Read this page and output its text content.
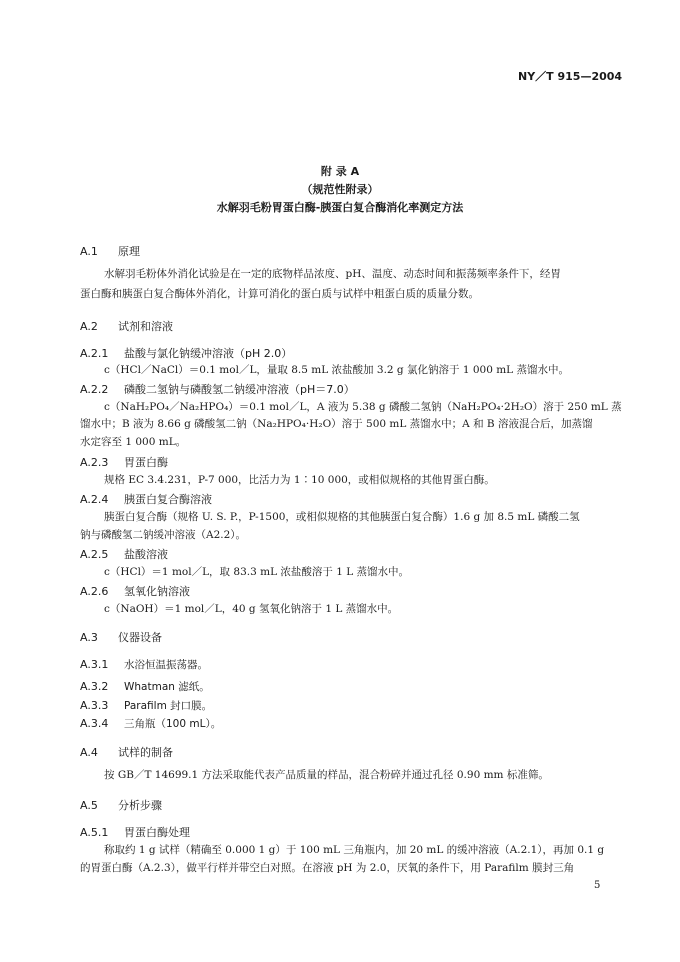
NY／T 915—2004
附 录 A
（规范性附录）
水解羽毛粉胃蛋白酶-胰蛋白复合酶消化率测定方法
A.1 原理
水解羽毛粉体外消化试验是在一定的底物样品浓度、pH、温度、动态时间和振荡频率条件下，经胃
蛋白酶和胰蛋白复合酶体外消化，计算可消化的蛋白质与试样中粗蛋白质的质量分数。
A.2 试剂和溶液
A.2.1 盐酸与氯化钠缓冲溶液（pH 2.0）
c（HCl／NaCl）＝0.1 mol／L，量取 8.5 mL 浓盐酸加 3.2 g 氯化钠溶于 1 000 mL 蒸馏水中。
A.2.2 磷酸二氢钠与磷酸氢二钠缓冲溶液（pH＝7.0）
c（NaH₂PO₄／Na₂HPO₄）＝0.1 mol／L，A 液为 5.38 g 磷酸二氢钠（NaH₂PO₄·2H₂O）溶于 250 mL 蒸
馏水中；B 液为 8.66 g 磷酸氢二钠（Na₂HPO₄·H₂O）溶于 500 mL 蒸馏水中；A 和 B 溶液混合后，加蒸馏
水定容至 1 000 mL。
A.2.3 胃蛋白酶
规格 EC 3.4.231，P-7 000，比活力为 1∶10 000，或相似规格的其他胃蛋白酶。
A.2.4 胰蛋白复合酶溶液
胰蛋白复合酶（规格 U. S. P.，P-1500，或相似规格的其他胰蛋白复合酶）1.6 g 加 8.5 mL 磷酸二氢
钠与磷酸氢二钠缓冲溶液（A2.2）。
A.2.5 盐酸溶液
c（HCl）＝1 mol／L，取 83.3 mL 浓盐酸溶于 1 L 蒸馏水中。
A.2.6 氢氧化钠溶液
c（NaOH）＝1 mol／L，40 g 氢氧化钠溶于 1 L 蒸馏水中。
A.3 仪器设备
A.3.1 水浴恒温振荡器。
A.3.2 Whatman 滤纸。
A.3.3 Parafilm 封口膜。
A.3.4 三角瓶（100 mL）。
A.4 试样的制备
按 GB／T 14699.1 方法采取能代表产品质量的样品，混合粉碎并通过孔径 0.90 mm 标准筛。
A.5 分析步骤
A.5.1 胃蛋白酶处理
称取约 1 g 试样（精确至 0.000 1 g）于 100 mL 三角瓶内，加 20 mL 的缓冲溶液（A.2.1），再加 0.1 g
的胃蛋白酶（A.2.3），做平行样并带空白对照。在溶液 pH 为 2.0，厌氧的条件下，用 Parafilm 膜封三角
5
